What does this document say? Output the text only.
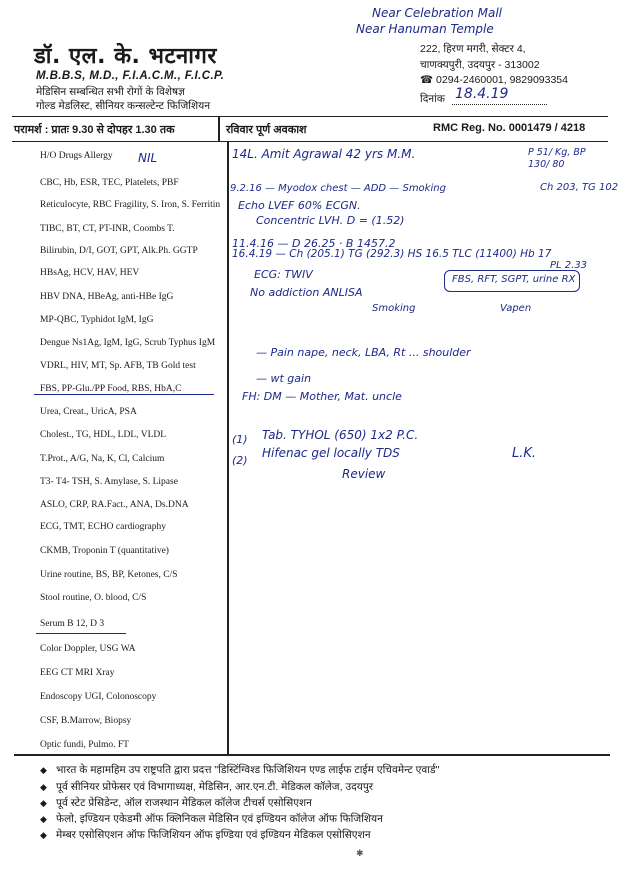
Near Celebration Mall
Near Hanuman Temple
डॉ. एल. के. भटनागर
M.B.B.S, M.D., F.I.A.C.M., F.I.C.P.
मेडिसिन सम्बन्धित सभी रोगों के विशेषज्ञ
गोल्ड मेडलिस्ट, सीनियर कन्सल्टेन्ट फिजिशियन
222, हिरण मगरी, सेक्टर 4,
चाणक्यपुरी, उदयपुर - 313002
☎ 0294-2460001, 9829093354
दिनांक 18.4.19
परामर्श : प्रातः 9.30 से दोपहर 1.30 तक	रविवार पूर्ण अवकाश	RMC Reg. No. 0001479 / 4218
H/O Drugs Allergy
CBC, Hb, ESR, TEC, Platelets, PBF
Reticulocyte, RBC Fragility, S. Iron, S. Ferritin
TIBC, BT, CT, PT-INR, Coombs T.
Bilirubin, D/I, GOT, GPT, Alk.Ph. GGTP
HBsAg, HCV, HAV, HEV
HBV DNA, HBeAg, anti-HBe IgG
MP-QBC, Typhidot IgM, IgG
Dengue Ns1Ag, IgM, IgG, Scrub Typhus IgM
VDRL, HIV, MT, Sp. AFB, TB Gold test
FBS, PP-Glu./PP Food, RBS, HbA,C
Urea, Creat., UricA, PSA
Cholest., TG, HDL, LDL, VLDL
T.Prot., A/G, Na, K, Cl, Calcium
T3- T4- TSH, S. Amylase, S. Lipase
ASLO, CRP, RA.Fact., ANA, Ds.DNA
ECG, TMT, ECHO cardiography
CKMB, Troponin T (quantitative)
Urine routine, BS, BP, Ketones, C/S
Stool routine, O. blood, C/S
Serum B 12, D 3
Color Doppler, USG WA
EEG CT MRI Xray
Endoscopy UGI, Colonoscopy
CSF, B.Marrow, Biopsy
Optic fundi, Pulmo. FT
NIL	14L. Amit Agrawal 42 yrs M.M.	P 51/ Kg, BP 130/ 80
9.2.16 — Myodox chest — ADD — Smoking	Ch 203, TG 102
Echo LVEF 60% ECGN.
Concentric LVH. D = (1.52)
11.4.16 — D 26.25 · B 1457.2
16.4.19 — Ch (205.1) TG (292.3) HS 16.5 TLC (11400) Hb 17
PL 2.33
ECG: TWIV
No addiction ANLISA
Smoking
FBS, RFT, SGPT, urine RX
Vapen
— Pain nape, neck, LBA, Rt ... shoulder
— wt gain
FH: DM — Mother, Mat. uncle
(1) Tab. TYHOL (650) 1x2 P.C.
(2)
Hifenac gel locally TDS
Review
L.K.
◆ भारत के महामहिम उप राष्ट्रपति द्वारा प्रदत्त "डिस्टिंग्विश्ड फिजिशियन एण्ड लाईफ टाईम एचिवमेन्ट एवार्ड"
◆ पूर्व सीनियर प्रोफेसर एवं विभागाध्यक्ष, मेडिसिन, आर.एन.टी. मेडिकल कॉलेज, उदयपुर
◆ पूर्व स्टेट प्रेसिडेन्ट, ऑल राजस्थान मेडिकल कॉलेज टीचर्स एसोसिएशन
◆ फेलो, इण्डियन एकेडमी ऑफ क्लिनिकल मेडिसिन एवं इण्डियन कॉलेज ऑफ फिजिशियन
◆ मेम्बर एसोसिएशन ऑफ फिजिशियन ऑफ इण्डिया एवं इण्डियन मेडिकल एसोसिएशन
✱
